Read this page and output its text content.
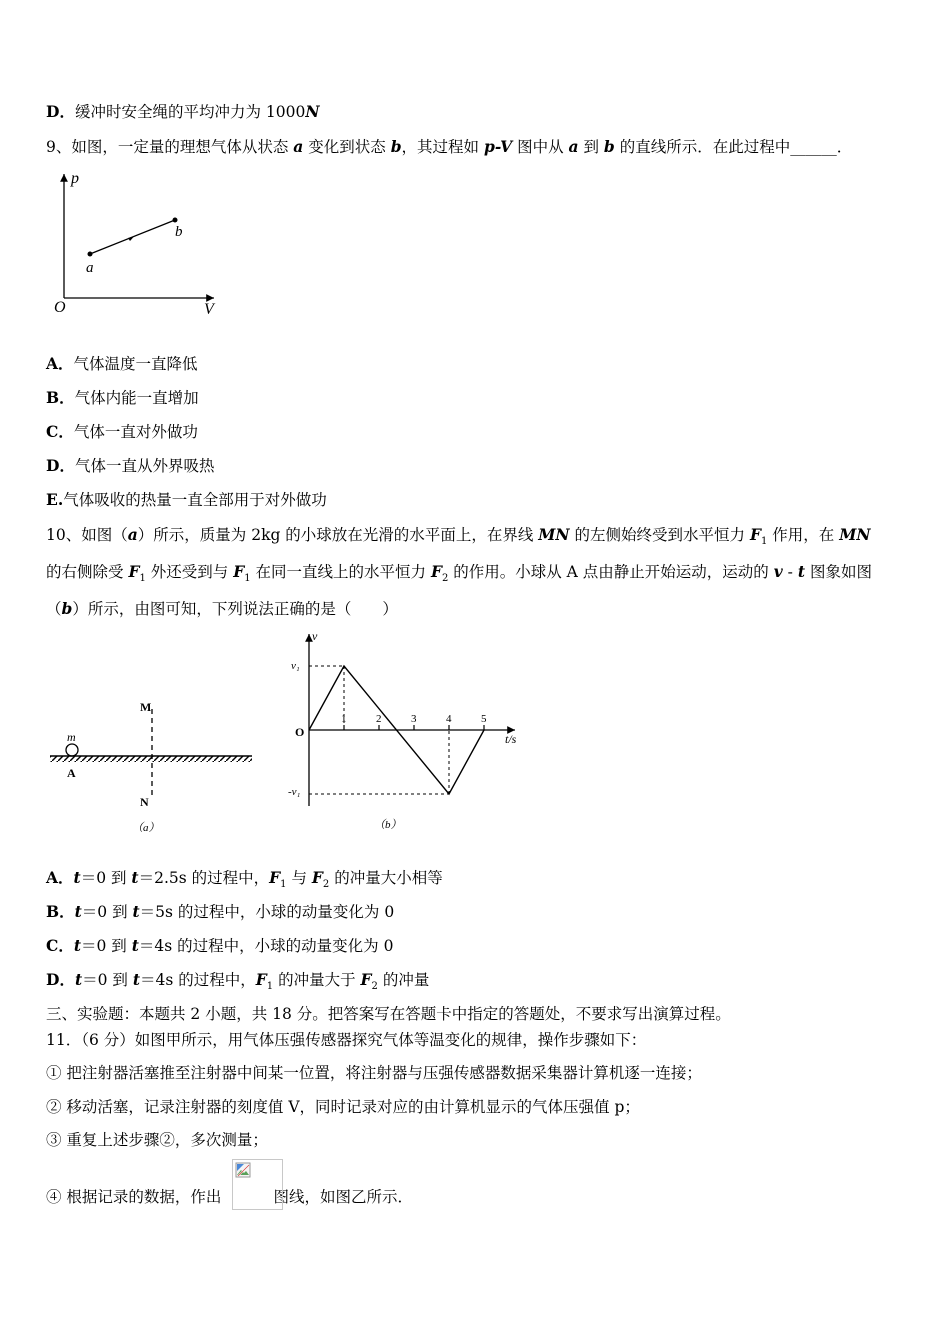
D．缓冲时安全绳的平均冲力为 1000N
9、如图，一定量的理想气体从状态 a 变化到状态 b，其过程如 p-V 图中从 a 到 b 的直线所示．在此过程中______．
p
V
O
a
b
A．气体温度一直降低
B．气体内能一直增加
C．气体一直对外做功
D．气体一直从外界吸热
E.气体吸收的热量一直全部用于对外做功
10、如图（a）所示，质量为 2kg 的小球放在光滑的水平面上，在界线 MN 的左侧始终受到水平恒力 $F_1$ 作用，在 MN
的右侧除受 $F_1$ 外还受到与 $F_1$ 在同一直线上的水平恒力 $F_2$ 的作用。小球从 A 点由静止开始运动，运动的 v ‐ t 图象如图
（b）所示，由图可知，下列说法正确的是（　　）
m
A
M
N
（a）
v
t/s
O
v₁
-v₁
1	2	3	4	5
（b）
A．t＝0 到 t＝2.5s 的过程中，$F_1$ 与 $F_2$ 的冲量大小相等
B．t＝0 到 t＝5s 的过程中，小球的动量变化为 0
C．t＝0 到 t＝4s 的过程中，小球的动量变化为 0
D．t＝0 到 t＝4s 的过程中，$F_1$ 的冲量大于 $F_2$ 的冲量
三、实验题：本题共 2 小题，共 18 分。把答案写在答题卡中指定的答题处，不要求写出演算过程。
11．（6 分）如图甲所示，用气体压强传感器探究气体等温变化的规律，操作步骤如下：
① 把注射器活塞推至注射器中间某一位置，将注射器与压强传感器数据采集器计算机逐一连接；
② 移动活塞，记录注射器的刻度值 V，同时记录对应的由计算机显示的气体压强值 p；
③ 重复上述步骤②，多次测量；
④ 根据记录的数据，作出	图线，如图乙所示．
